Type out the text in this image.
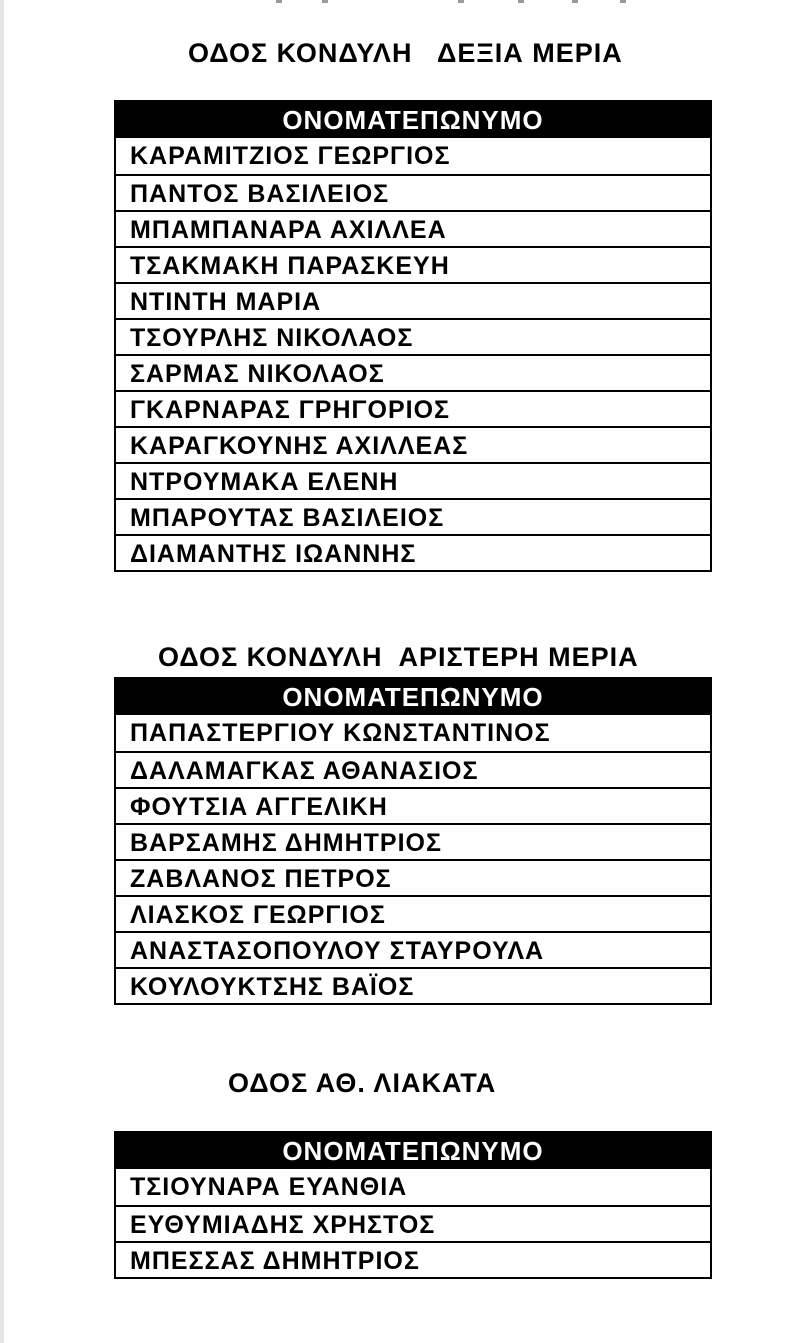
ΟΔΟΣ ΚΟΝΔΥΛΗ   ΔΕΞΙΑ ΜΕΡΙΑ
ΟΝΟΜΑΤΕΠΩΝΥΜΟ
ΚΑΡΑΜΙΤΖΙΟΣ ΓΕΩΡΓΙΟΣ
ΠΑΝΤΟΣ ΒΑΣΙΛΕΙΟΣ
ΜΠΑΜΠΑΝΑΡΑ ΑΧΙΛΛΕΑ
ΤΣΑΚΜΑΚΗ ΠΑΡΑΣΚΕΥΗ
ΝΤΙΝΤΗ ΜΑΡΙΑ
ΤΣΟΥΡΛΗΣ ΝΙΚΟΛΑΟΣ
ΣΑΡΜΑΣ ΝΙΚΟΛΑΟΣ
ΓΚΑΡΝΑΡΑΣ ΓΡΗΓΟΡΙΟΣ
ΚΑΡΑΓΚΟΥΝΗΣ ΑΧΙΛΛΕΑΣ
ΝΤΡΟΥΜΑΚΑ ΕΛΕΝΗ
ΜΠΑΡΟΥΤΑΣ ΒΑΣΙΛΕΙΟΣ
ΔΙΑΜΑΝΤΗΣ ΙΩΑΝΝΗΣ
ΟΔΟΣ ΚΟΝΔΥΛΗ  ΑΡΙΣΤΕΡΗ ΜΕΡΙΑ
ΟΝΟΜΑΤΕΠΩΝΥΜΟ
ΠΑΠΑΣΤΕΡΓΙΟΥ ΚΩΝΣΤΑΝΤΙΝΟΣ
ΔΑΛΑΜΑΓΚΑΣ ΑΘΑΝΑΣΙΟΣ
ΦΟΥΤΣΙΑ ΑΓΓΕΛΙΚΗ
ΒΑΡΣΑΜΗΣ ΔΗΜΗΤΡΙΟΣ
ΖΑΒΛΑΝΟΣ ΠΕΤΡΟΣ
ΛΙΑΣΚΟΣ ΓΕΩΡΓΙΟΣ
ΑΝΑΣΤΑΣΟΠΟΥΛΟΥ ΣΤΑΥΡΟΥΛΑ
ΚΟΥΛΟΥΚΤΣΗΣ ΒΑΪΟΣ
ΟΔΟΣ ΑΘ. ΛΙΑΚΑΤΑ
ΟΝΟΜΑΤΕΠΩΝΥΜΟ
ΤΣΙΟΥΝΑΡΑ ΕΥΑΝΘΙΑ
ΕΥΘΥΜΙΑΔΗΣ ΧΡΗΣΤΟΣ
ΜΠΕΣΣΑΣ ΔΗΜΗΤΡΙΟΣ
